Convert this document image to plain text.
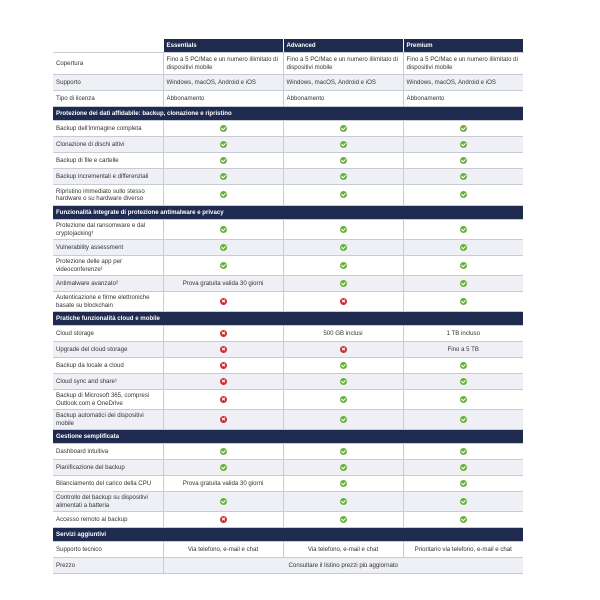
	Essentials	Advanced	Premium
Copertura	Fino a 5 PC/Mac e un numero illimitato di dispositivi mobile	Fino a 5 PC/Mac e un numero illimitato di dispositivi mobile	Fino a 5 PC/Mac e un numero illimitato di dispositivi mobile
Supporto	Windows, macOS, Android e iOS	Windows, macOS, Android e iOS	Windows, macOS, Android e iOS
Tipo di licenza	Abbonamento	Abbonamento	Abbonamento
Protezione dei dati affidabile: backup, clonazione e ripristino			
Backup dell'immagine completa			
Clonazione di dischi attivi			
Backup di file e cartelle			
Backup incrementali e differenziali			
Ripristino immediato sullo stesso hardware o su hardware diverso			
Funzionalità integrate di protezione antimalware e privacy			
Protezione dal ransomware e dal cryptojacking¹			
Vulnerability assessment			
Protezione delle app per videoconferenze¹			
Antimalware avanzato²	Prova gratuita valida 30 giorni		
Autenticazione e firme elettroniche basate su blockchain			
Pratiche funzionalità cloud e mobile			
Cloud storage		500 GB inclusi	1 TB incluso
Upgrade del cloud storage			Fino a 5 TB
Backup da locale a cloud			
Cloud sync and share¹			
Backup di Microsoft 365, compresi Outlook.com e OneDrive			
Backup automatici dei dispositivi mobile			
Gestione semplificata			
Dashboard intuitiva			
Pianificazione del backup			
Bilanciamento del carico della CPU	Prova gratuita valida 30 giorni		
Controllo del backup su dispositivi alimentati a batteria			
Accesso remoto al backup			
Servizi aggiuntivi			
Supporto tecnico	Via telefono, e-mail e chat	Via telefono, e-mail e chat	Prioritario via telefono, e-mail e chat
Prezzo	Consultare il listino prezzi più aggiornato		
